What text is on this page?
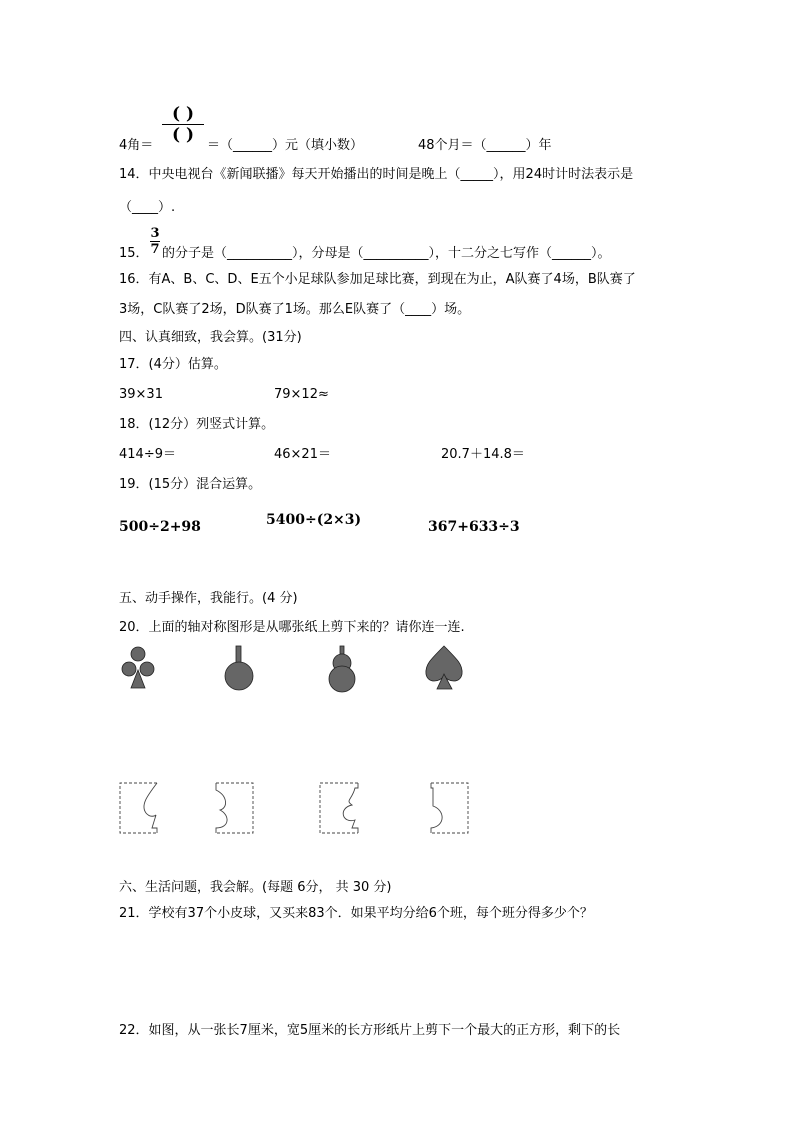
( )
( )
4角＝	＝（______）元（填小数）	48个月＝（______）年
14．中央电视台《新闻联播》每天开始播出的时间是晚上（_____），用24时计时法表示是
（____）.
15．
3
7 的分子是（__________），分母是（__________），十二分之七写作（______）。
16．有A、B、C、D、E五个小足球队参加足球比赛，到现在为止，A队赛了4场，B队赛了
3场，C队赛了2场，D队赛了1场。那么E队赛了（____）场。
四、认真细致，我会算。(31分)
17．(4分）估算。
39×31	79×12≈
18．(12分）列竖式计算。
414÷9＝	46×21＝	20.7＋14.8＝
19．(15分）混合运算。
500÷2+98	5400÷(2×3)	367+633÷3
五、动手操作，我能行。(4 分)
20．上面的轴对称图形是从哪张纸上剪下来的？请你连一连.
六、生活问题，我会解。(每题 6分， 共 30 分)
21．学校有37个小皮球，又买来83个．如果平均分给6个班，每个班分得多少个？
22．如图，从一张长7厘米，宽5厘米的长方形纸片上剪下一个最大的正方形，剩下的长
